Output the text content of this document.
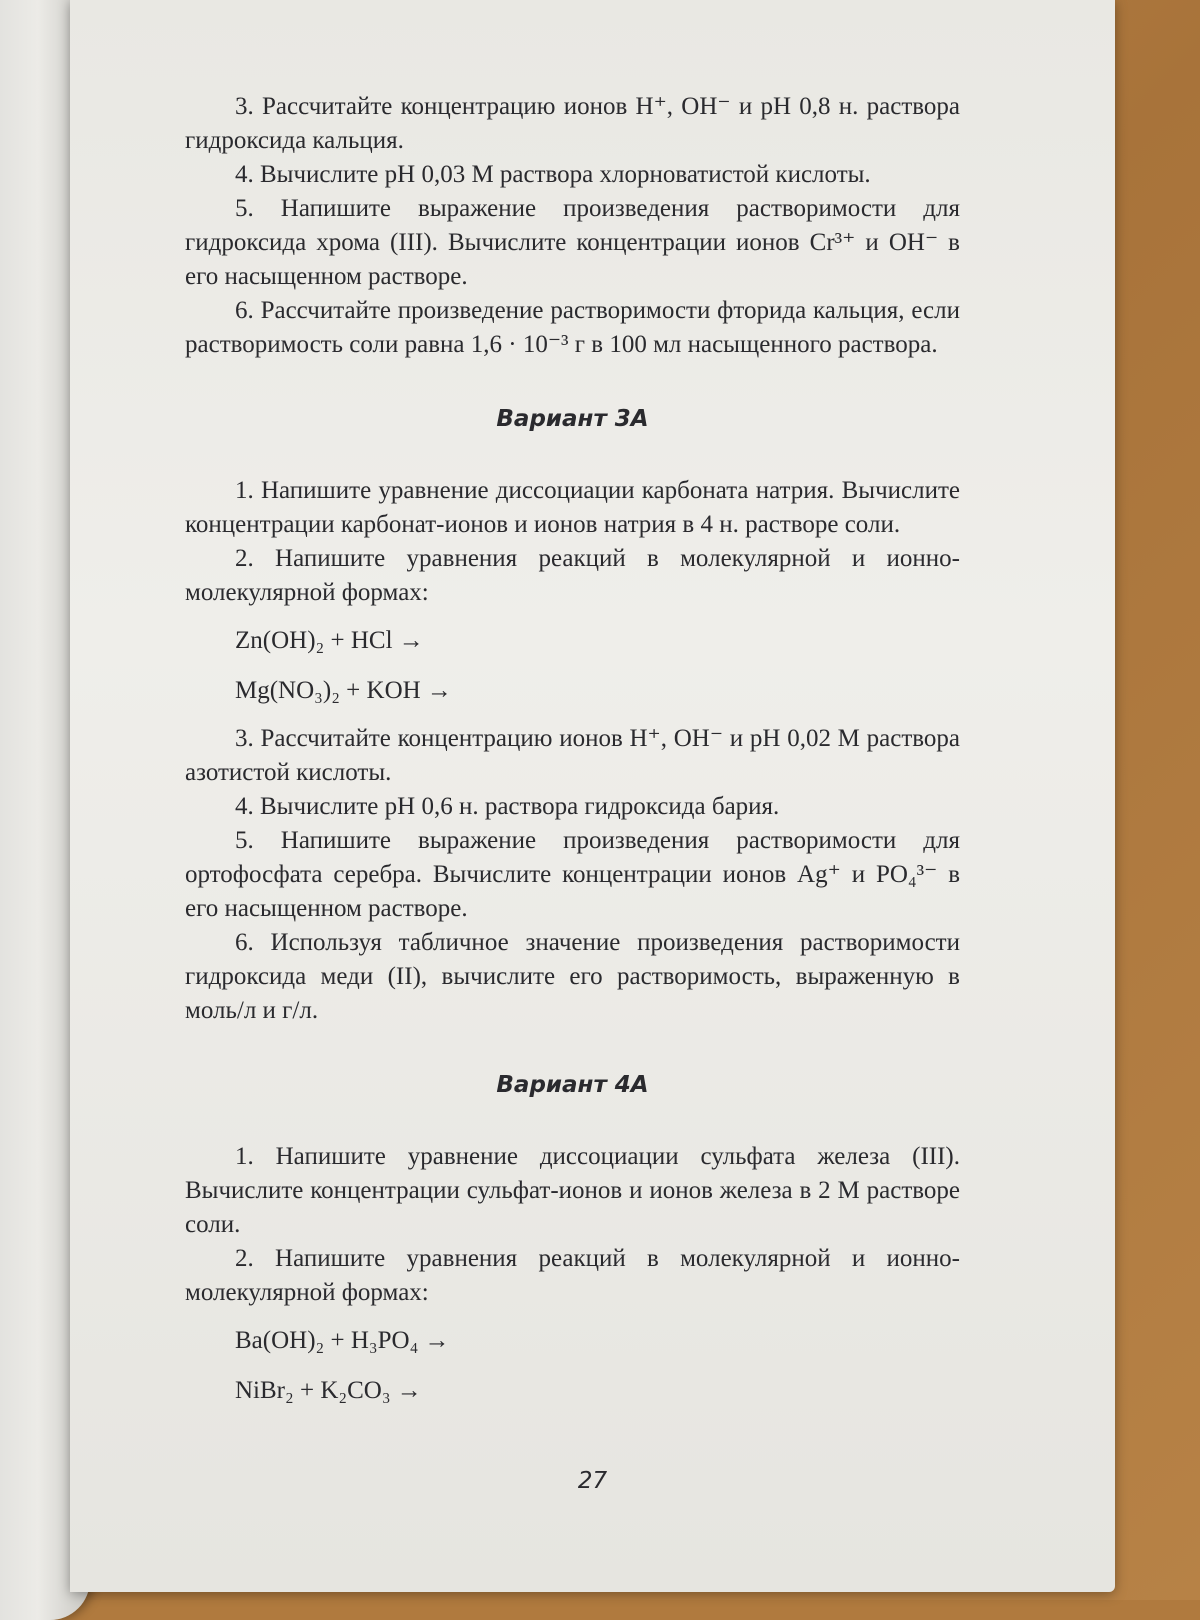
3. Рассчитайте концентрацию ионов H⁺, OH⁻ и pH 0,8 н. раствора гидроксида кальция.

4. Вычислите pH 0,03 M раствора хлорноватистой кислоты.

5. Напишите выражение произведения растворимости для гидроксида хрома (III). Вычислите концентрации ионов Cr³⁺ и OH⁻ в его насыщенном растворе.

6. Рассчитайте произведение растворимости фторида кальция, если растворимость соли равна 1,6 · 10⁻³ г в 100 мл насыщенного раствора.

Вариант 3А

1. Напишите уравнение диссоциации карбоната натрия. Вычислите концентрации карбонат-ионов и ионов натрия в 4 н. растворе соли.

2. Напишите уравнения реакций в молекулярной и ионно-молекулярной формах:

Zn(OH)₂ + HCl →

Mg(NO₃)₂ + KOH →

3. Рассчитайте концентрацию ионов H⁺, OH⁻ и pH 0,02 M раствора азотистой кислоты.

4. Вычислите pH 0,6 н. раствора гидроксида бария.

5. Напишите выражение произведения растворимости для ортофосфата серебра. Вычислите концентрации ионов Ag⁺ и PO₄³⁻ в его насыщенном растворе.

6. Используя табличное значение произведения растворимости гидроксида меди (II), вычислите его растворимость, выраженную в моль/л и г/л.

Вариант 4А

1. Напишите уравнение диссоциации сульфата железа (III). Вычислите концентрации сульфат-ионов и ионов железа в 2 M растворе соли.

2. Напишите уравнения реакций в молекулярной и ионно-молекулярной формах:

Ba(OH)₂ + H₃PO₄ →

NiBr₂ + K₂CO₃ →

27
